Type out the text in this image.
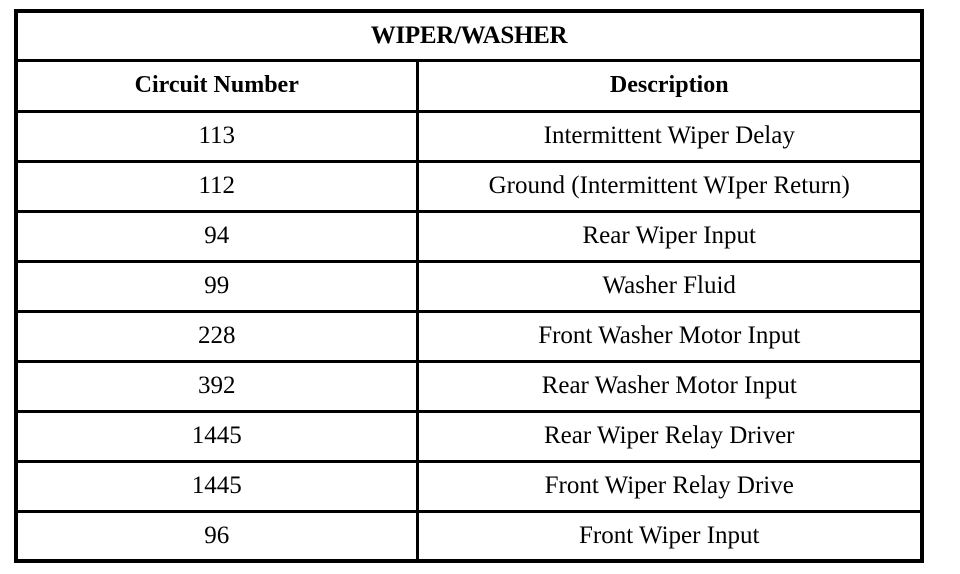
WIPER/WASHER	
Circuit Number	Description
113	Intermittent Wiper Delay
112	Ground (Intermittent WIper Return)
94	Rear Wiper Input
99	Washer Fluid
228	Front Washer Motor Input
392	Rear Washer Motor Input
1445	Rear Wiper Relay Driver
1445	Front Wiper Relay Drive
96	Front Wiper Input
